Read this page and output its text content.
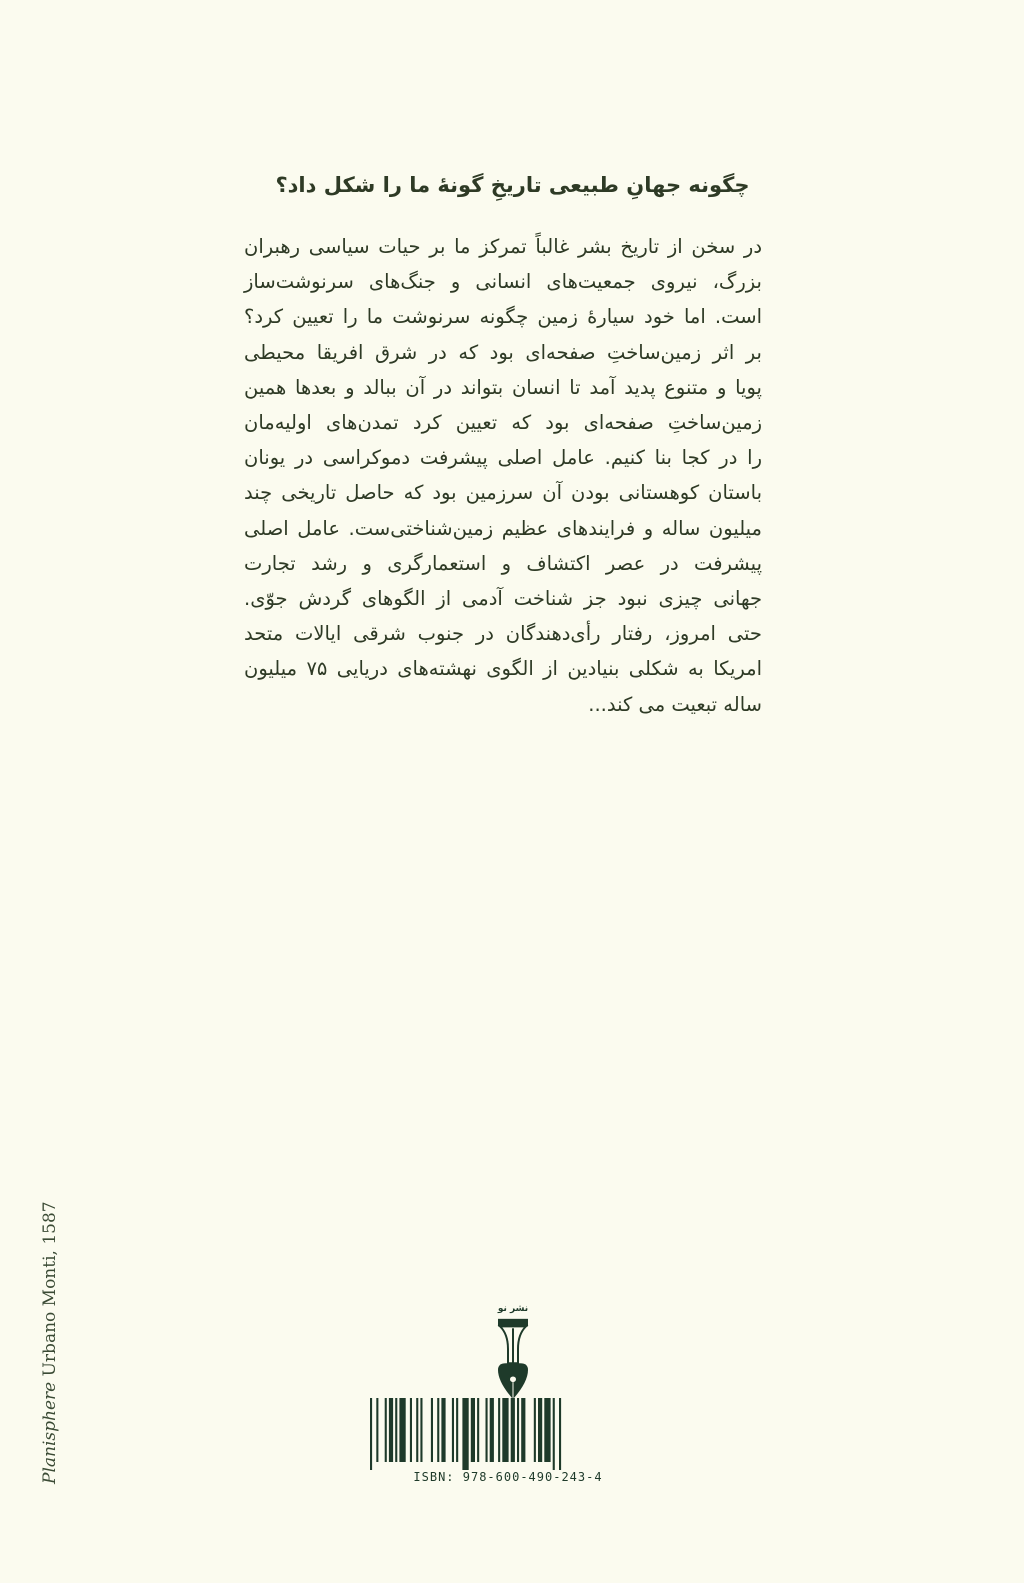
چگونه جهانِ طبیعی تاریخِ گونهٔ ما را شکل داد؟
در سخن از تاریخ بشر غالباً تمرکز ما بر حیات سیاسی رهبران
بزرگ، نیروی جمعیت‌های انسانی و جنگ‌های سرنوشت‌ساز
است. اما خود سیارهٔ زمین چگونه سرنوشت ما را تعیین کرد؟
بر اثر زمین‌ساختِ صفحه‌ای بود که در شرق افریقا محیطی
پویا و متنوع پدید آمد تا انسان بتواند در آن ببالد و بعدها همین
زمین‌ساختِ صفحه‌ای بود که تعیین کرد تمدن‌های اولیه‌مان
را در کجا بنا کنیم. عامل اصلی پیشرفت دموکراسی در یونان
باستان کوهستانی بودن آن سرزمین بود که حاصل تاریخی چند
میلیون ساله و فرایندهای عظیم زمین‌شناختی‌ست. عامل اصلی
پیشرفت در عصر اکتشاف و استعمارگری و رشد تجارت
جهانی چیزی نبود جز شناخت آدمی از الگوهای گردش جوّی.
حتی امروز، رفتار رأی‌دهندگان در جنوب شرقی ایالات متحد
امریکا به شکلی بنیادین از الگوی نهشته‌های دریایی ۷۵ میلیون
ساله تبعیت می کند...
Planisphere Urbano Monti, 1587	نشر نو
ISBN: 978-600-490-243-4
